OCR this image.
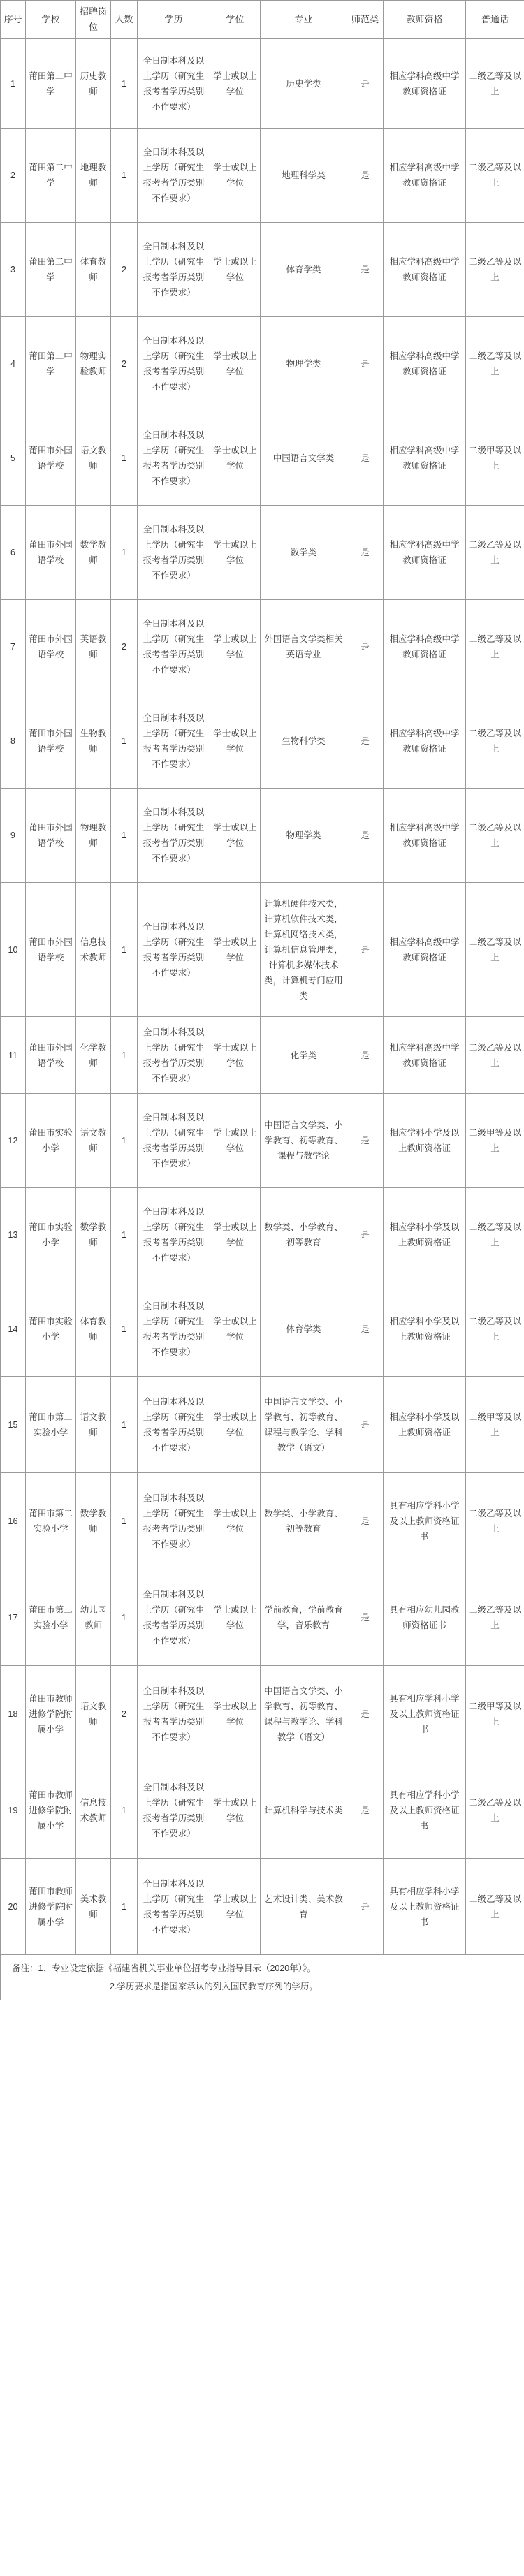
序号	学校	招聘岗位	人数	学历	学位	专业	师范类	教师资格	普通话
1	莆田第二中学	历史教师	1	全日制本科及以上学历（研究生报考者学历类别不作要求）	学士或以上学位	历史学类	是	相应学科高级中学教师资格证	二级乙等及以上
2	莆田第二中学	地理教师	1	全日制本科及以上学历（研究生报考者学历类别不作要求）	学士或以上学位	地理科学类	是	相应学科高级中学教师资格证	二级乙等及以上
3	莆田第二中学	体育教师	2	全日制本科及以上学历（研究生报考者学历类别不作要求）	学士或以上学位	体育学类	是	相应学科高级中学教师资格证	二级乙等及以上
4	莆田第二中学	物理实验教师	2	全日制本科及以上学历（研究生报考者学历类别不作要求）	学士或以上学位	物理学类	是	相应学科高级中学教师资格证	二级乙等及以上
5	莆田市外国语学校	语文教师	1	全日制本科及以上学历（研究生报考者学历类别不作要求）	学士或以上学位	中国语言文学类	是	相应学科高级中学教师资格证	二级甲等及以上
6	莆田市外国语学校	数学教师	1	全日制本科及以上学历（研究生报考者学历类别不作要求）	学士或以上学位	数学类	是	相应学科高级中学教师资格证	二级乙等及以上
7	莆田市外国语学校	英语教师	2	全日制本科及以上学历（研究生报考者学历类别不作要求）	学士或以上学位	外国语言文学类相关英语专业	是	相应学科高级中学教师资格证	二级乙等及以上
8	莆田市外国语学校	生物教师	1	全日制本科及以上学历（研究生报考者学历类别不作要求）	学士或以上学位	生物科学类	是	相应学科高级中学教师资格证	二级乙等及以上
9	莆田市外国语学校	物理教师	1	全日制本科及以上学历（研究生报考者学历类别不作要求）	学士或以上学位	物理学类	是	相应学科高级中学教师资格证	二级乙等及以上
10	莆田市外国语学校	信息技术教师	1	全日制本科及以上学历（研究生报考者学历类别不作要求）	学士或以上学位	计算机硬件技术类，计算机软件技术类，计算机网络技术类，计算机信息管理类，计算机多媒体技术类，计算机专门应用类	是	相应学科高级中学教师资格证	二级乙等及以上
11	莆田市外国语学校	化学教师	1	全日制本科及以上学历（研究生报考者学历类别不作要求）	学士或以上学位	化学类	是	相应学科高级中学教师资格证	二级乙等及以上
12	莆田市实验小学	语文教师	1	全日制本科及以上学历（研究生报考者学历类别不作要求）	学士或以上学位	中国语言文学类、小学教育、初等教育、课程与教学论	是	相应学科小学及以上教师资格证	二级甲等及以上
13	莆田市实验小学	数学教师	1	全日制本科及以上学历（研究生报考者学历类别不作要求）	学士或以上学位	数学类、小学教育、初等教育	是	相应学科小学及以上教师资格证	二级乙等及以上
14	莆田市实验小学	体育教师	1	全日制本科及以上学历（研究生报考者学历类别不作要求）	学士或以上学位	体育学类	是	相应学科小学及以上教师资格证	二级乙等及以上
15	莆田市第二实验小学	语文教师	1	全日制本科及以上学历（研究生报考者学历类别不作要求）	学士或以上学位	中国语言文学类、小学教育、初等教育、课程与教学论、学科教学（语文）	是	相应学科小学及以上教师资格证	二级甲等及以上
16	莆田市第二实验小学	数学教师	1	全日制本科及以上学历（研究生报考者学历类别不作要求）	学士或以上学位	数学类、小学教育、初等教育	是	具有相应学科小学及以上教师资格证书	二级乙等及以上
17	莆田市第二实验小学	幼儿园教师	1	全日制本科及以上学历（研究生报考者学历类别不作要求）	学士或以上学位	学前教育，学前教育学，音乐教育	是	具有相应幼儿园教师资格证书	二级乙等及以上
18	莆田市教师进修学院附属小学	语文教师	2	全日制本科及以上学历（研究生报考者学历类别不作要求）	学士或以上学位	中国语言文学类、小学教育、初等教育、课程与教学论、学科教学（语文）	是	具有相应学科小学及以上教师资格证书	二级甲等及以上
19	莆田市教师进修学院附属小学	信息技术教师	1	全日制本科及以上学历（研究生报考者学历类别不作要求）	学士或以上学位	计算机科学与技术类	是	具有相应学科小学及以上教师资格证书	二级乙等及以上
20	莆田市教师进修学院附属小学	美术教师	1	全日制本科及以上学历（研究生报考者学历类别不作要求）	学士或以上学位	艺术设计类、美术教育	是	具有相应学科小学及以上教师资格证书	二级乙等及以上

备注：1、专业设定依据《福建省机关事业单位招考专业指导目录（2020年）》。
2.学历要求是指国家承认的列入国民教育序列的学历。									
